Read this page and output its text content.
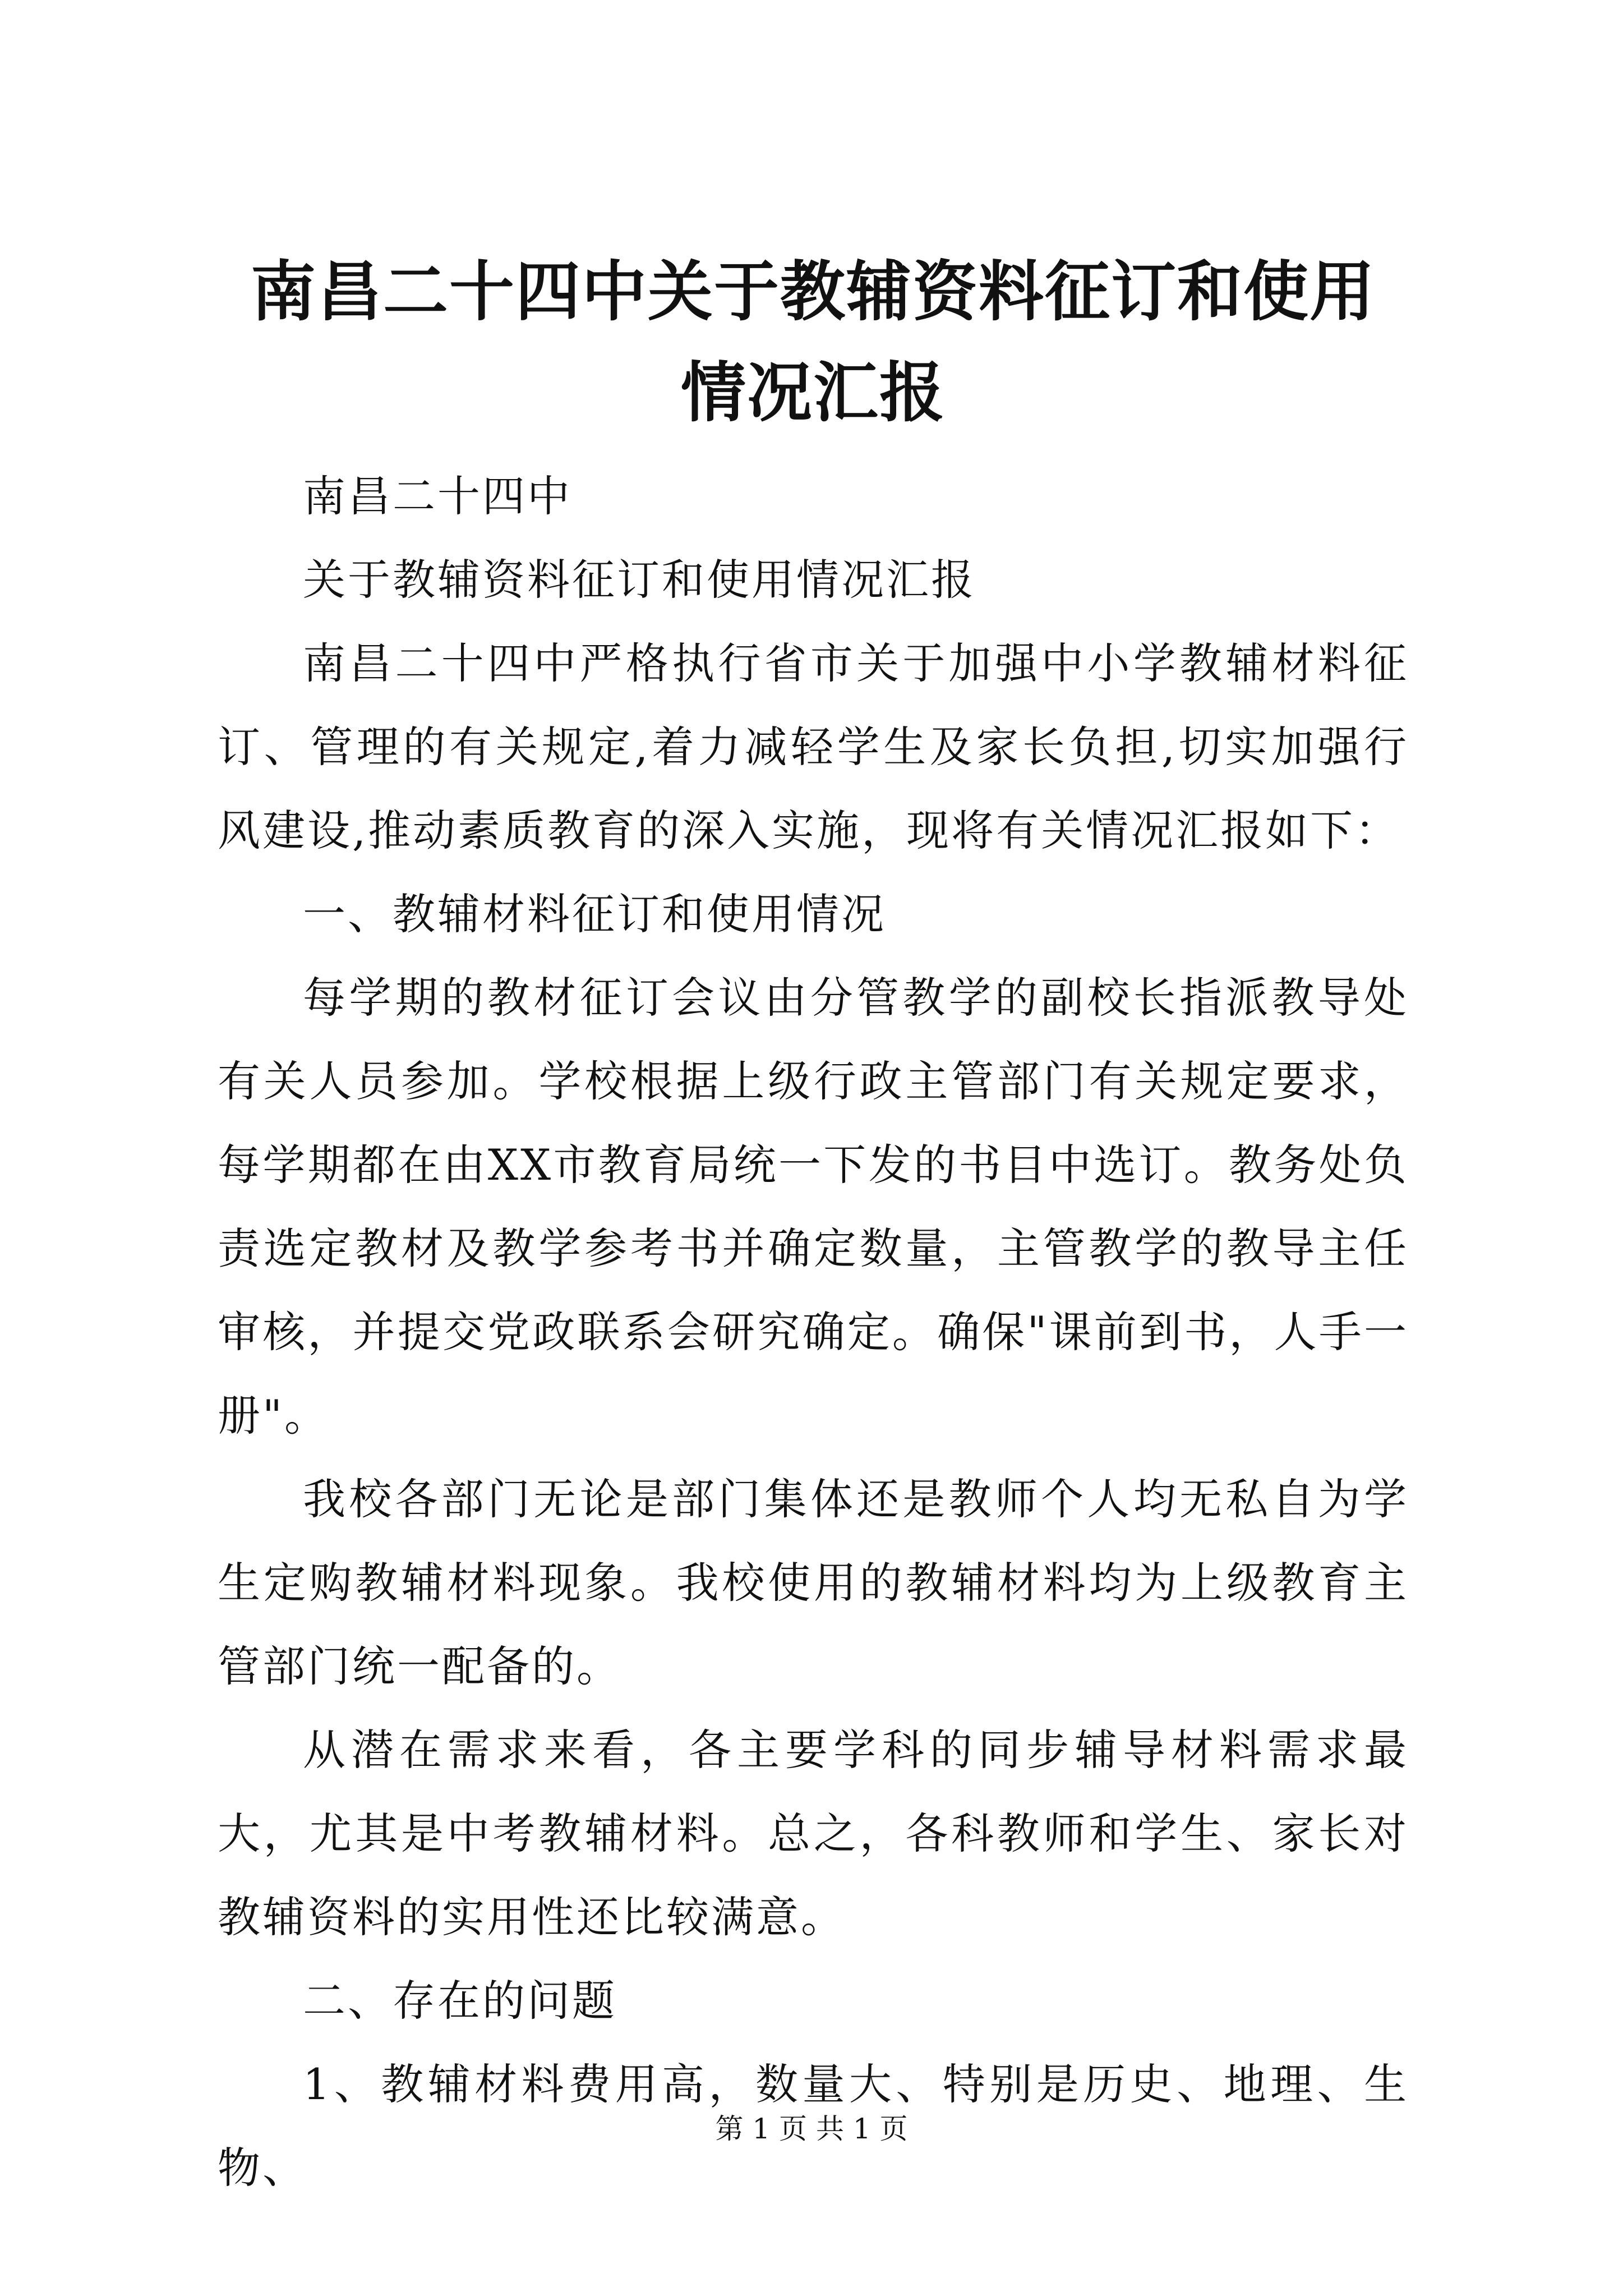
南昌二十四中关于教辅资料征订和使用情况汇报

南昌二十四中

关于教辅资料征订和使用情况汇报

南昌二十四中严格执行省市关于加强中小学教辅材料征订、管理的有关规定,着力减轻学生及家长负担,切实加强行风建设,推动素质教育的深入实施，现将有关情况汇报如下：

一、教辅材料征订和使用情况

每学期的教材征订会议由分管教学的副校长指派教导处有关人员参加。学校根据上级行政主管部门有关规定要求，每学期都在由XX市教育局统一下发的书目中选订。教务处负责选定教材及教学参考书并确定数量，主管教学的教导主任审核，并提交党政联系会研究确定。确保"课前到书，人手一册"。

我校各部门无论是部门集体还是教师个人均无私自为学生定购教辅材料现象。我校使用的教辅材料均为上级教育主管部门统一配备的。

从潜在需求来看，各主要学科的同步辅导材料需求最大，尤其是中考教辅材料。总之，各科教师和学生、家长对教辅资料的实用性还比较满意。

二、存在的问题

1、教辅材料费用高，数量大、特别是历史、地理、生物、

第 1 页 共 1 页
